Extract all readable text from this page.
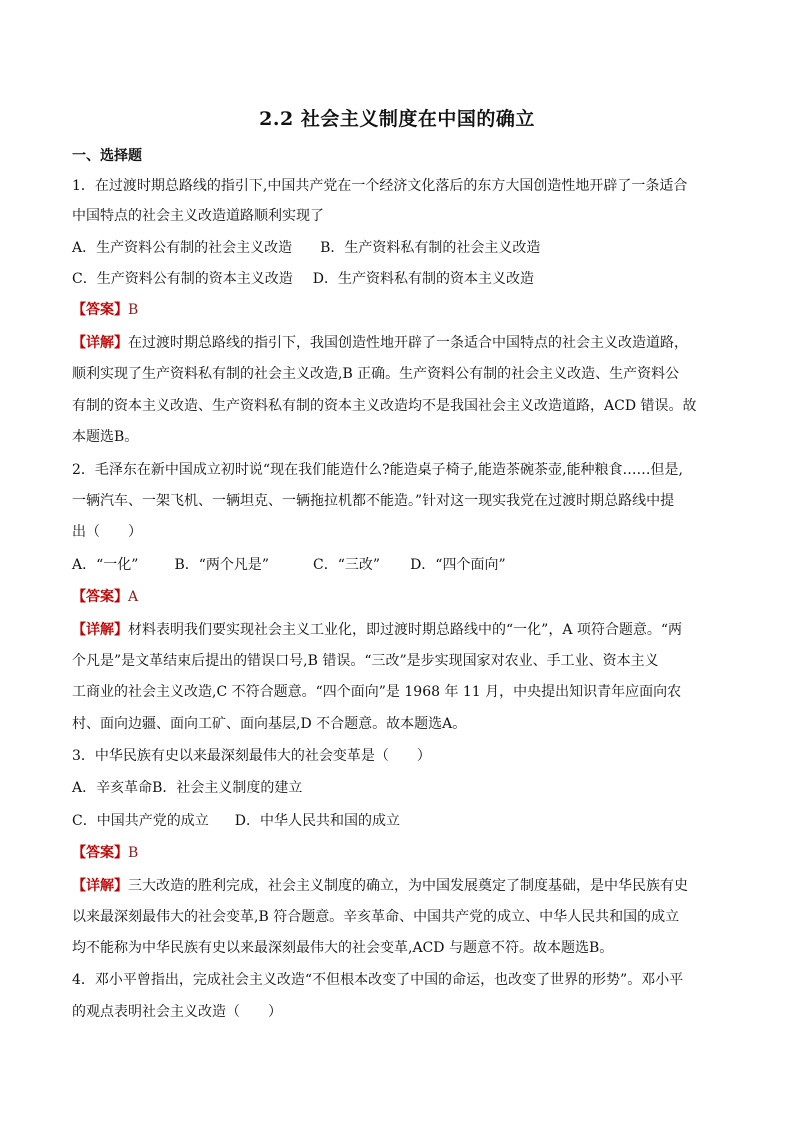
2.2 社会主义制度在中国的确立
一、选择题
1．在过渡时期总路线的指引下,中国共产党在一个经济文化落后的东方大国创造性地开辟了一条适合
中国特点的社会主义改造道路顺利实现了
A．生产资料公有制的社会主义改造 B．生产资料私有制的社会主义改造
C．生产资料公有制的资本主义改造 D．生产资料私有制的资本主义改造
【答案】B
【详解】在过渡时期总路线的指引下，我国创造性地开辟了一条适合中国特点的社会主义改造道路，
顺利实现了生产资料私有制的社会主义改造,B 正确。生产资料公有制的社会主义改造、生产资料公
有制的资本主义改造、生产资料私有制的资本主义改造均不是我国社会主义改造道路，ACD 错误。故
本题选B。
2．毛泽东在新中国成立初时说“现在我们能造什么?能造桌子椅子,能造茶碗茶壶,能种粮食……但是,
一辆汽车、一架飞机、一辆坦克、一辆拖拉机都不能造。”针对这一现实我党在过渡时期总路线中提
出（　　）
A．“一化”	B．“两个凡是”	C．“三改” D．“四个面向”
【答案】A
【详解】材料表明我们要实现社会主义工业化，即过渡时期总路线中的“一化”，A 项符合题意。“两
个凡是”是文革结束后提出的错误口号,B 错误。“三改”是步实现国家对农业、手工业、资本主义
工商业的社会主义改造,C 不符合题意。“四个面向”是 1968 年 11 月，中央提出知识青年应面向农
村、面向边疆、面向工矿、面向基层,D 不合题意。故本题选A。
3．中华民族有史以来最深刻最伟大的社会变革是（　　）
A．辛亥革命B．社会主义制度的建立
C．中国共产党的成立 D．中华人民共和国的成立
【答案】B
【详解】三大改造的胜利完成，社会主义制度的确立，为中国发展奠定了制度基础，是中华民族有史
以来最深刻最伟大的社会变革,B 符合题意。辛亥革命、中国共产党的成立、中华人民共和国的成立
均不能称为中华民族有史以来最深刻最伟大的社会变革,ACD 与题意不符。故本题选B。
4．邓小平曾指出，完成社会主义改造“不但根本改变了中国的命运，也改变了世界的形势”。邓小平
的观点表明社会主义改造（　　）
